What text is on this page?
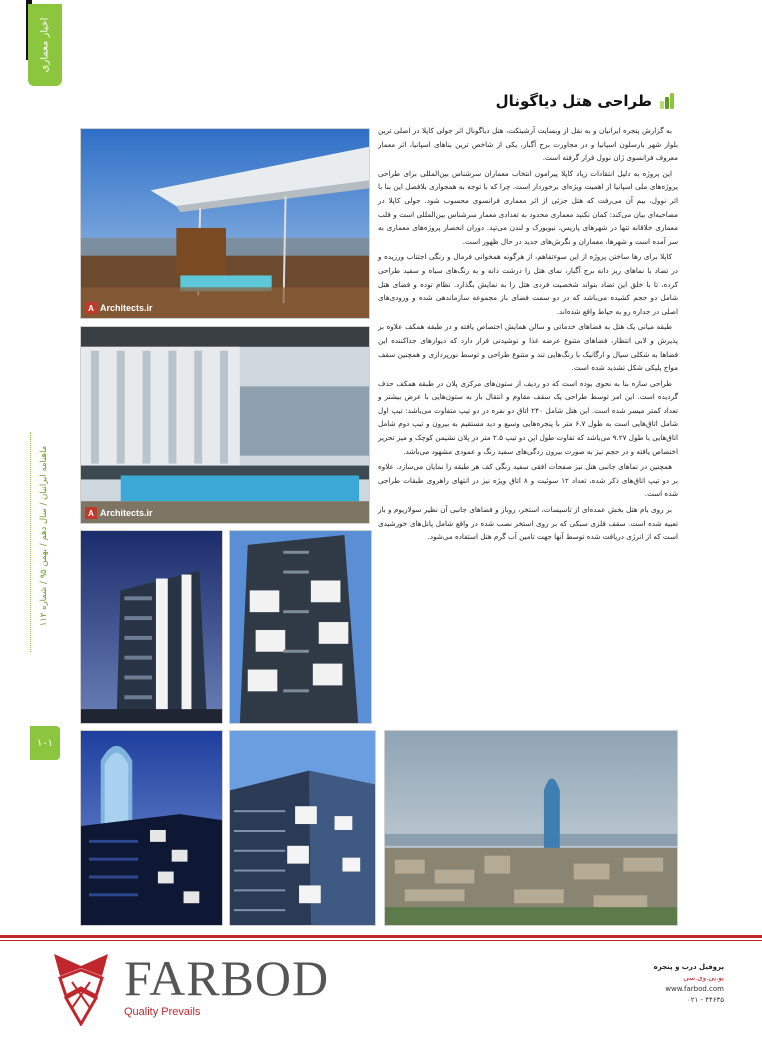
اخبار معماری
ماهنامه ایرانیان / سال دهم / بهمن ۹۵ / شماره ۱۱۲
۱۰۱
طراحی هتل دیاگونال
A Architects.ir
A Architects.ir

به گزارش پنجره ایرانیان و به نقل از وبسایت آرشیتکت، هتل دیاگونال اثر جولی کاپلا در اصلی ترین بلوار شهر بارسلون اسپانیا و در مجاورت برج آگبار، یکی از شاخص ترین بناهای اسپانیا، اثر معمار معروف فرانسوی ژان نوول قرار گرفته است.

این پروژه به دلیل انتقادات زیاد کاپلا پیرامون انتخاب معماران سرشناس بین‌المللی برای طراحی پروژه‌های ملی اسپانیا از اهمیت ویژه‌ای برخوردار است. چرا که با توجه به همجواری بلافصل این بنا با اثر نوول، بیم آن می‌رفت که هتل جزئی از اثر معماری فرانسوی محسوب شود. جولی کاپلا در مصاحبه‌ای بیان می‌کند: کمان نکنید معماری محدود به تعدادی معمار سرشناس بین‌المللی است و قلب معماری خلاقانه تنها در شهرهای پاریس، نیویورک و لندن می‌تپد. دوران انحصار پروژه‌های معماری به سر آمده است و شهرها، معماران و نگرش‌های جدید در حال ظهور است.

کاپلا برای رها ساختن پروژه از این سوءتفاهم، از هرگونه همخوانی فرمال و رنگی اجتناب ورزیده و در تضاد با نماهای ریز دانه برج آگبار، نمای هتل را درشت دانه و به رنگ‌های سیاه و سفید طراحی کرده، تا با خلق این تضاد بتواند شخصیت فردی هتل را به نمایش بگذارد. نظام توده و فضای هتل شامل دو حجم کشیده می‌باشد که در دو سمت فضای باز مجموعه سازماندهی شده و ورودی‌های اصلی در جداره رو به حیاط واقع شده‌اند.

طبقه میانی یک هتل به فضاهای خدماتی و سالن همایش اختصاص یافته و در طبقه همکف علاوه بر پذیرش و لابی انتظار، فضاهای متنوع عرضه غذا و نوشیدنی قرار دارد که دیوارهای جداکننده این فضاها به شکلی سیال و ارگانیک با رنگ‌هایی تند و متنوع طراحی و توسط نورپردازی و همچنین سقف مواج پلیکی شکل تشدید شده است.

طراحی سازه بنا به نحوی بوده است که دو ردیف از ستون‌های مرکزی پلان در طبقه همکف حذف گردیده است. این امر توسط طراحی یک سقف مقاوم و انتقال بار به ستون‌هایی با عرض بیشتر و تعداد کمتر میسر شده است. این هتل شامل ۲۴۰ اتاق دو نفره در دو تیپ متفاوت می‌باشد: تیپ اول شامل اتاق‌هایی است به طول ۶.۷ متر با پنجره‌هایی وسیع و دید مستقیم به بیرون و تیپ دوم شامل اتاق‌هایی با طول ۹.۲۷ می‌باشد که تفاوت طول این دو تیپ ۲.۵ متر در پلان نشیمن کوچک و میز تحریر اختصاص یافته و در حجم نیز به صورت بیرون زدگی‌های سفید رنگ و عمودی مشهود می‌باشد.

همچنین در نماهای جانبی هتل نیز صفحات افقی سفید رنگی کف هر طبقه را نمایان می‌سازد. علاوه بر دو تیپ اتاق‌های ذکر شده، تعداد ۱۲ سوئیت و ۸ اتاق ویژه نیز در انتهای راهروی طبقات طراحی شده است.

بر روی بام هتل بخش عمده‌ای از تاسیسات، استخر، روباز و فضاهای جانبی آن نظیر سولاریوم و بار تعبیه شده است. سقف فلزی سبکی که بر روی استخر نصب شده در واقع شامل پانل‌های خورشیدی است که از انرژی دریافت شده توسط آنها جهت تامین آب گرم هتل استفاده می‌شود.

FARBOD
Quality Prevails
پروفیل درب و پنجره
یو.پی.وی.سی
www.farbod.com
۰۲۱ - ۴۴۶۳۵
